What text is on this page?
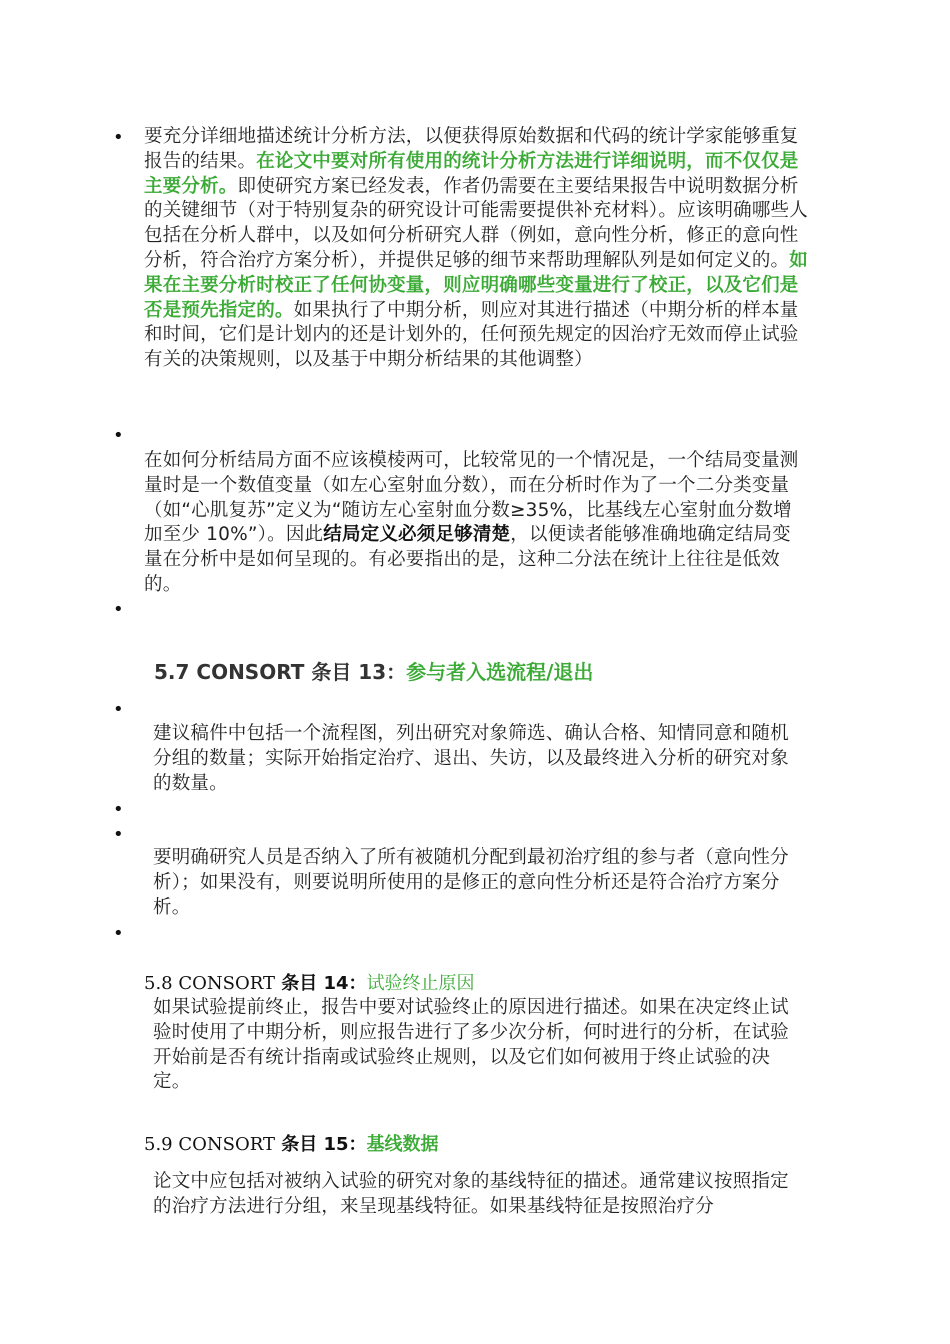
•
•
•
•
•
•
•
要充分详细地描述统计分析方法，以便获得原始数据和代码的统计学家能够重复报告的结果。在论文中要对所有使用的统计分析方法进行详细说明，而不仅仅是主要分析。即使研究方案已经发表，作者仍需要在主要结果报告中说明数据分析的关键细节（对于特别复杂的研究设计可能需要提供补充材料）。应该明确哪些人包括在分析人群中，以及如何分析研究人群（例如，意向性分析，修正的意向性分析，符合治疗方案分析），并提供足够的细节来帮助理解队列是如何定义的。如果在主要分析时校正了任何协变量，则应明确哪些变量进行了校正，以及它们是否是预先指定的。如果执行了中期分析，则应对其进行描述（中期分析的样本量和时间，它们是计划内的还是计划外的，任何预先规定的因治疗无效而停止试验有关的决策规则，以及基于中期分析结果的其他调整）
在如何分析结局方面不应该模棱两可，比较常见的一个情况是，一个结局变量测量时是一个数值变量（如左心室射血分数），而在分析时作为了一个二分类变量（如“心肌复苏”定义为“随访左心室射血分数≥35%，比基线左心室射血分数增加至少 10%”）。因此结局定义必须足够清楚，以便读者能够准确地确定结局变量在分析中是如何呈现的。有必要指出的是，这种二分法在统计上往往是低效的。
5.7 CONSORT 条目 13：参与者入选流程/退出
建议稿件中包括一个流程图，列出研究对象筛选、确认合格、知情同意和随机分组的数量；实际开始指定治疗、退出、失访，以及最终进入分析的研究对象的数量。
要明确研究人员是否纳入了所有被随机分配到最初治疗组的参与者（意向性分析）；如果没有，则要说明所使用的是修正的意向性分析还是符合治疗方案分析。
5.8 CONSORT 条目 14：试验终止原因
如果试验提前终止，报告中要对试验终止的原因进行描述。如果在决定终止试验时使用了中期分析，则应报告进行了多少次分析，何时进行的分析，在试验开始前是否有统计指南或试验终止规则，以及它们如何被用于终止试验的决定。
5.9 CONSORT 条目 15：基线数据
论文中应包括对被纳入试验的研究对象的基线特征的描述。通常建议按照指定的治疗方法进行分组，来呈现基线特征。如果基线特征是按照治疗分
